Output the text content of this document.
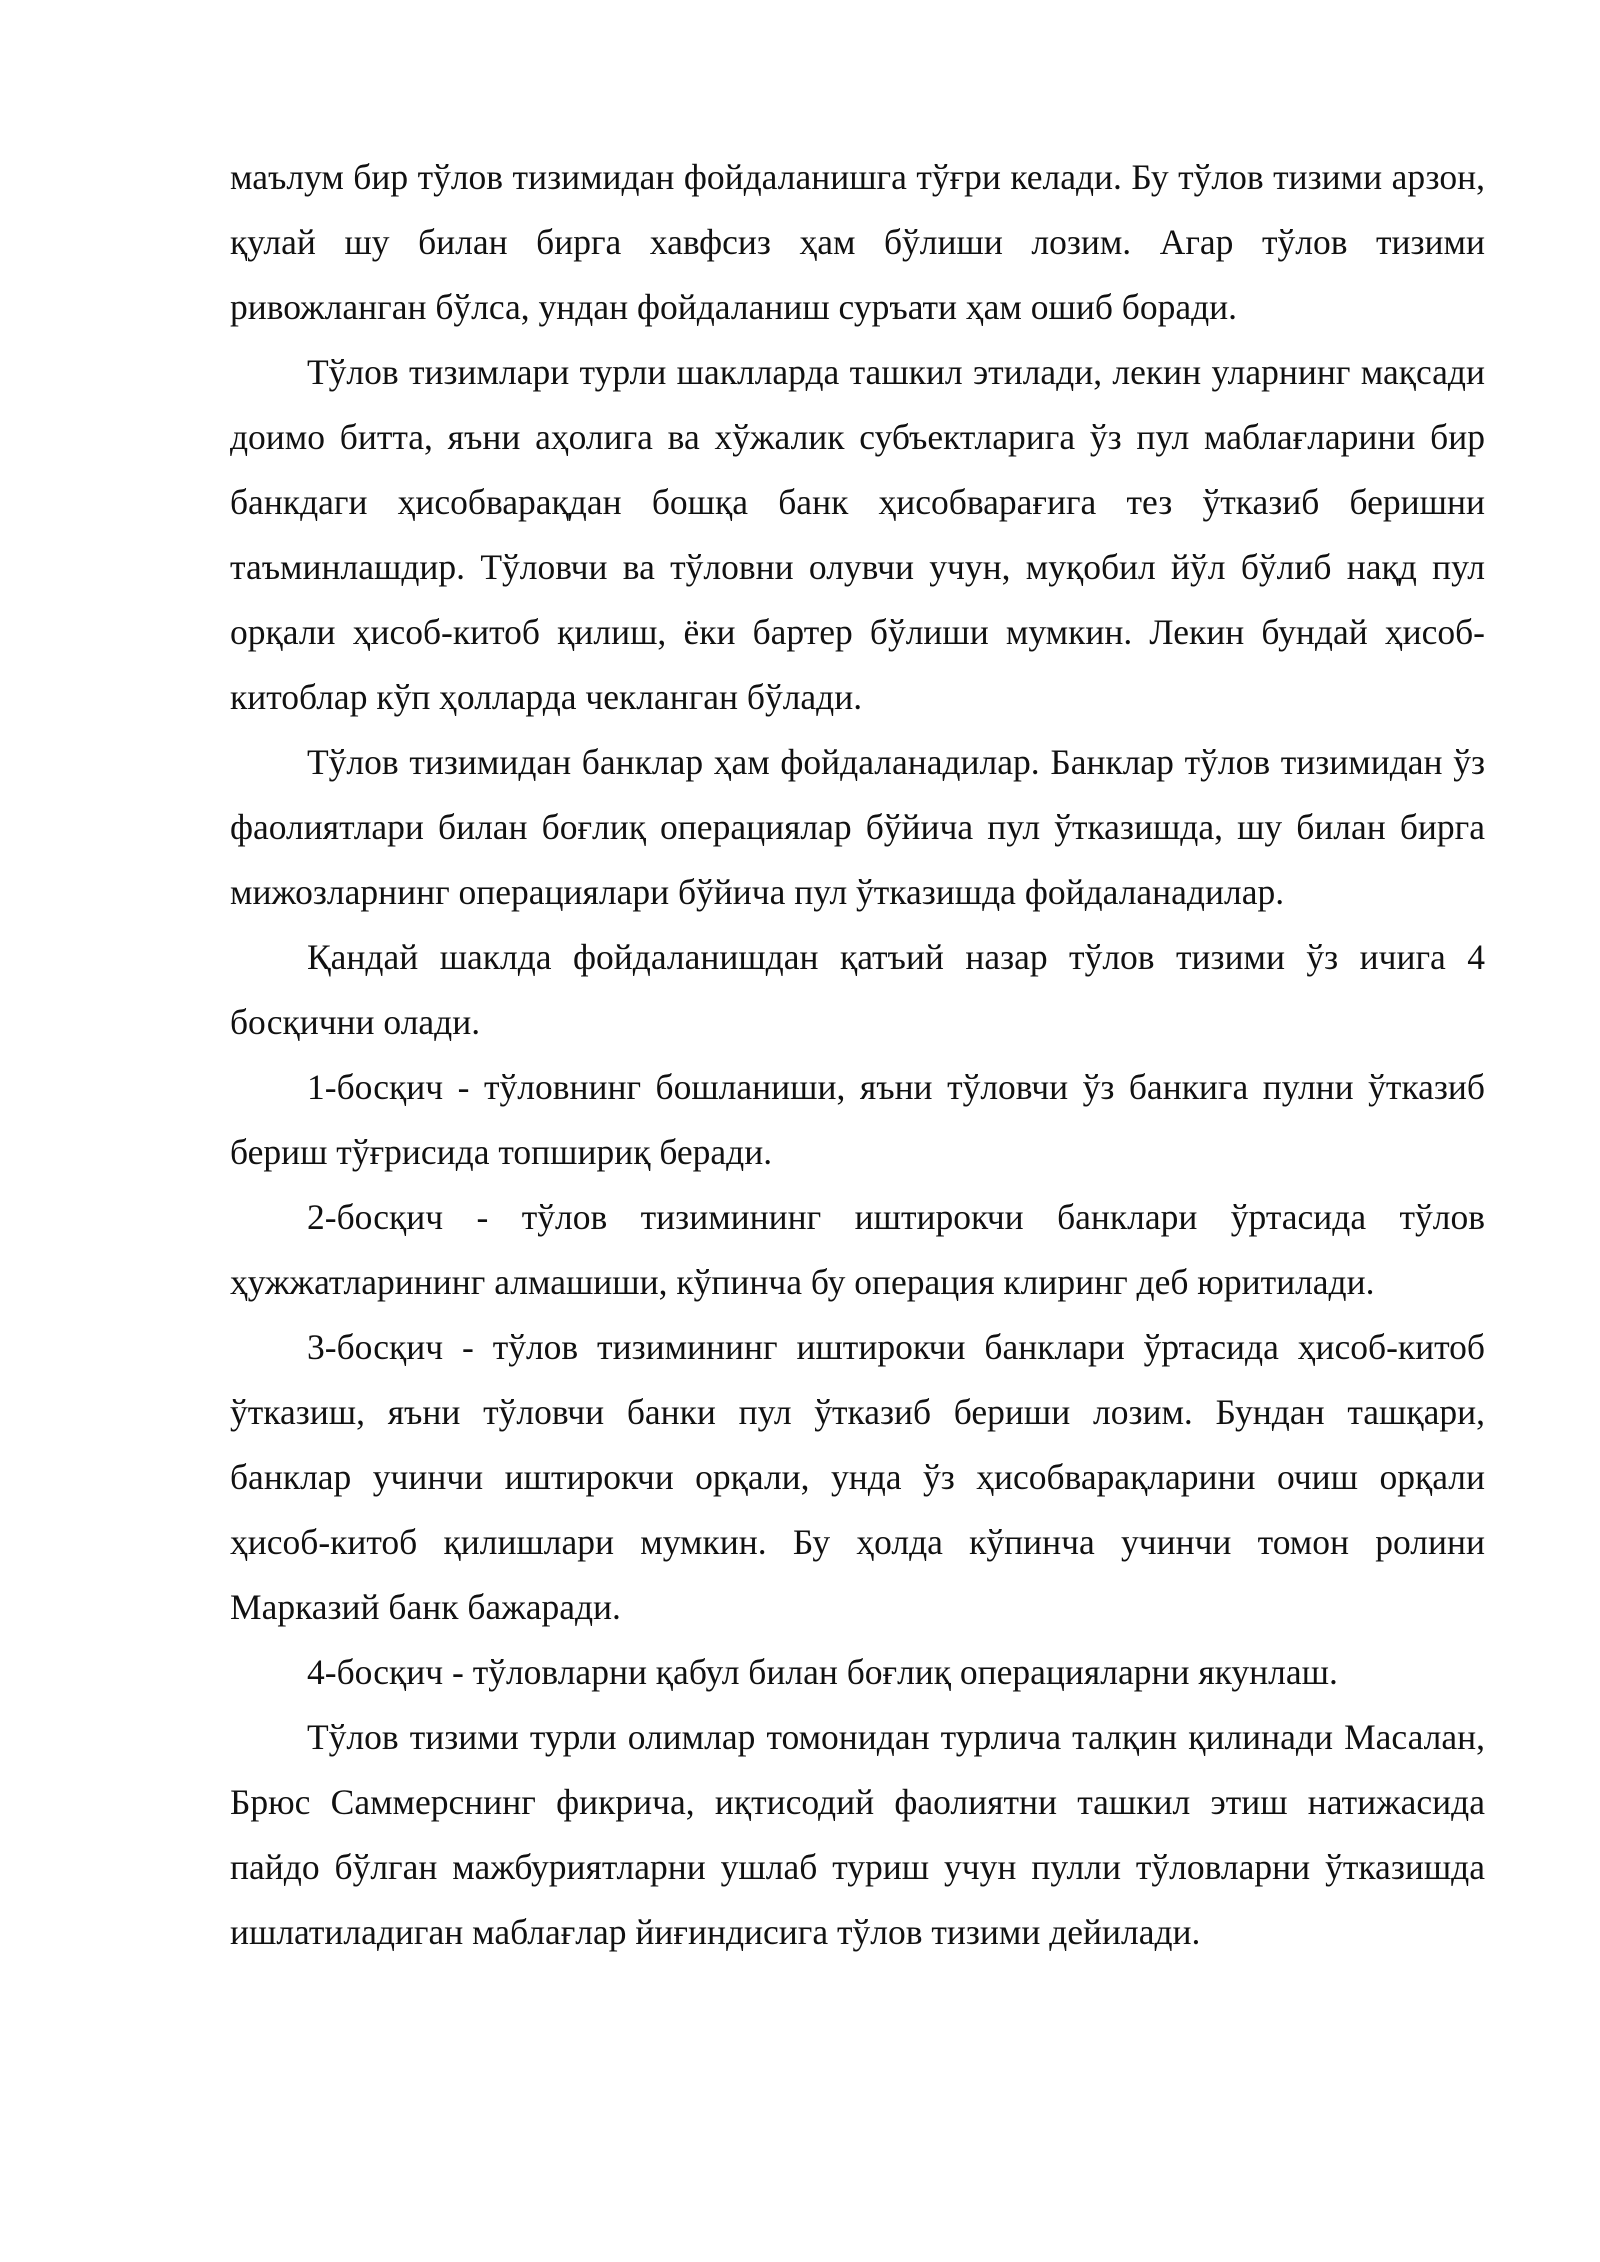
маълум бир тўлов тизимидан фойдаланишга тўғри келади. Бу тўлов тизими арзон, қулай шу билан бирга хавфсиз ҳам бўлиши лозим. Агар тўлов тизими ривожланган бўлса, ундан фойдаланиш суръати ҳам ошиб боради.

Тўлов тизимлари турли шаклларда ташкил этилади, лекин уларнинг мақсади доимо битта, яъни аҳолига ва хўжалик субъектларига ўз пул маблағларини бир банкдаги ҳисобварақдан бошқа банк ҳисобварағига тез ўтказиб беришни таъминлашдир. Тўловчи ва тўловни олувчи учун, муқобил йўл бўлиб нақд пул орқали ҳисоб-китоб қилиш, ёки бартер бўлиши мумкин. Лекин бундай ҳисоб-китоблар кўп ҳолларда чекланган бўлади.

Тўлов тизимидан банклар ҳам фойдаланадилар. Банклар тўлов тизимидан ўз фаолиятлари билан боғлиқ операциялар бўйича пул ўтказишда, шу билан бирга мижозларнинг операциялари бўйича пул ўтказишда фойдаланадилар.

Қандай шаклда фойдаланишдан қатъий назар тўлов тизими ўз ичига 4 босқични олади.

1-босқич - тўловнинг бошланиши, яъни тўловчи ўз банкига пулни ўтказиб бериш тўғрисида топшириқ беради.

2-босқич - тўлов тизимининг иштирокчи банклари ўртасида тўлов ҳужжатларининг алмашиши, кўпинча бу операция клиринг деб юритилади.

3-босқич - тўлов тизимининг иштирокчи банклари ўртасида ҳисоб-китоб ўтказиш, яъни тўловчи банки пул ўтказиб бериши лозим. Бундан ташқари, банклар учинчи иштирокчи орқали, унда ўз ҳисобварақларини очиш орқали ҳисоб-китоб қилишлари мумкин. Бу ҳолда кўпинча учинчи томон ролини Марказий банк бажаради.

4-босқич - тўловларни қабул билан боғлиқ операцияларни якунлаш.

Тўлов тизими турли олимлар томонидан турлича талқин қилинади Масалан, Брюс Саммерснинг фикрича, иқтисодий фаолиятни ташкил этиш натижасида пайдо бўлган мажбуриятларни ушлаб туриш учун пулли тўловларни ўтказишда ишлатиладиган маблағлар йиғиндисига тўлов тизими дейилади.
